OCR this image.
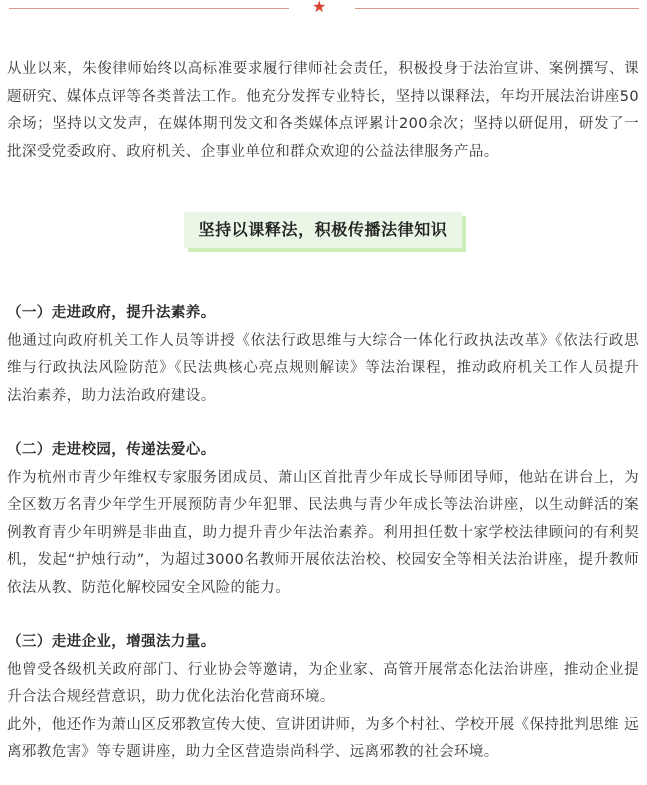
★

从业以来，朱俊律师始终以高标准要求履行律师社会责任，积极投身于法治宣讲、案例撰写、课题研究、媒体点评等各类普法工作。他充分发挥专业特长，坚持以课释法，年均开展法治讲座50余场；坚持以文发声，在媒体期刊发文和各类媒体点评累计200余次；坚持以研促用，研发了一批深受党委政府、政府机关、企事业单位和群众欢迎的公益法律服务产品。

坚持以课释法，积极传播法律知识

（一）走进政府，提升法素养。

他通过向政府机关工作人员等讲授《依法行政思维与大综合一体化行政执法改革》《依法行政思维与行政执法风险防范》《民法典核心亮点规则解读》等法治课程，推动政府机关工作人员提升法治素养，助力法治政府建设。

（二）走进校园，传递法爱心。

作为杭州市青少年维权专家服务团成员、萧山区首批青少年成长导师团导师，他站在讲台上，为全区数万名青少年学生开展预防青少年犯罪、民法典与青少年成长等法治讲座，以生动鲜活的案例教育青少年明辨是非曲直，助力提升青少年法治素养。利用担任数十家学校法律顾问的有利契机，发起“护烛行动”，为超过3000名教师开展依法治校、校园安全等相关法治讲座，提升教师依法从教、防范化解校园安全风险的能力。

（三）走进企业，增强法力量。

他曾受各级机关政府部门、行业协会等邀请，为企业家、高管开展常态化法治讲座，推动企业提升合法合规经营意识，助力优化法治化营商环境。

此外，他还作为萧山区反邪教宣传大使、宣讲团讲师，为多个村社、学校开展《保持批判思维 远离邪教危害》等专题讲座，助力全区营造崇尚科学、远离邪教的社会环境。
